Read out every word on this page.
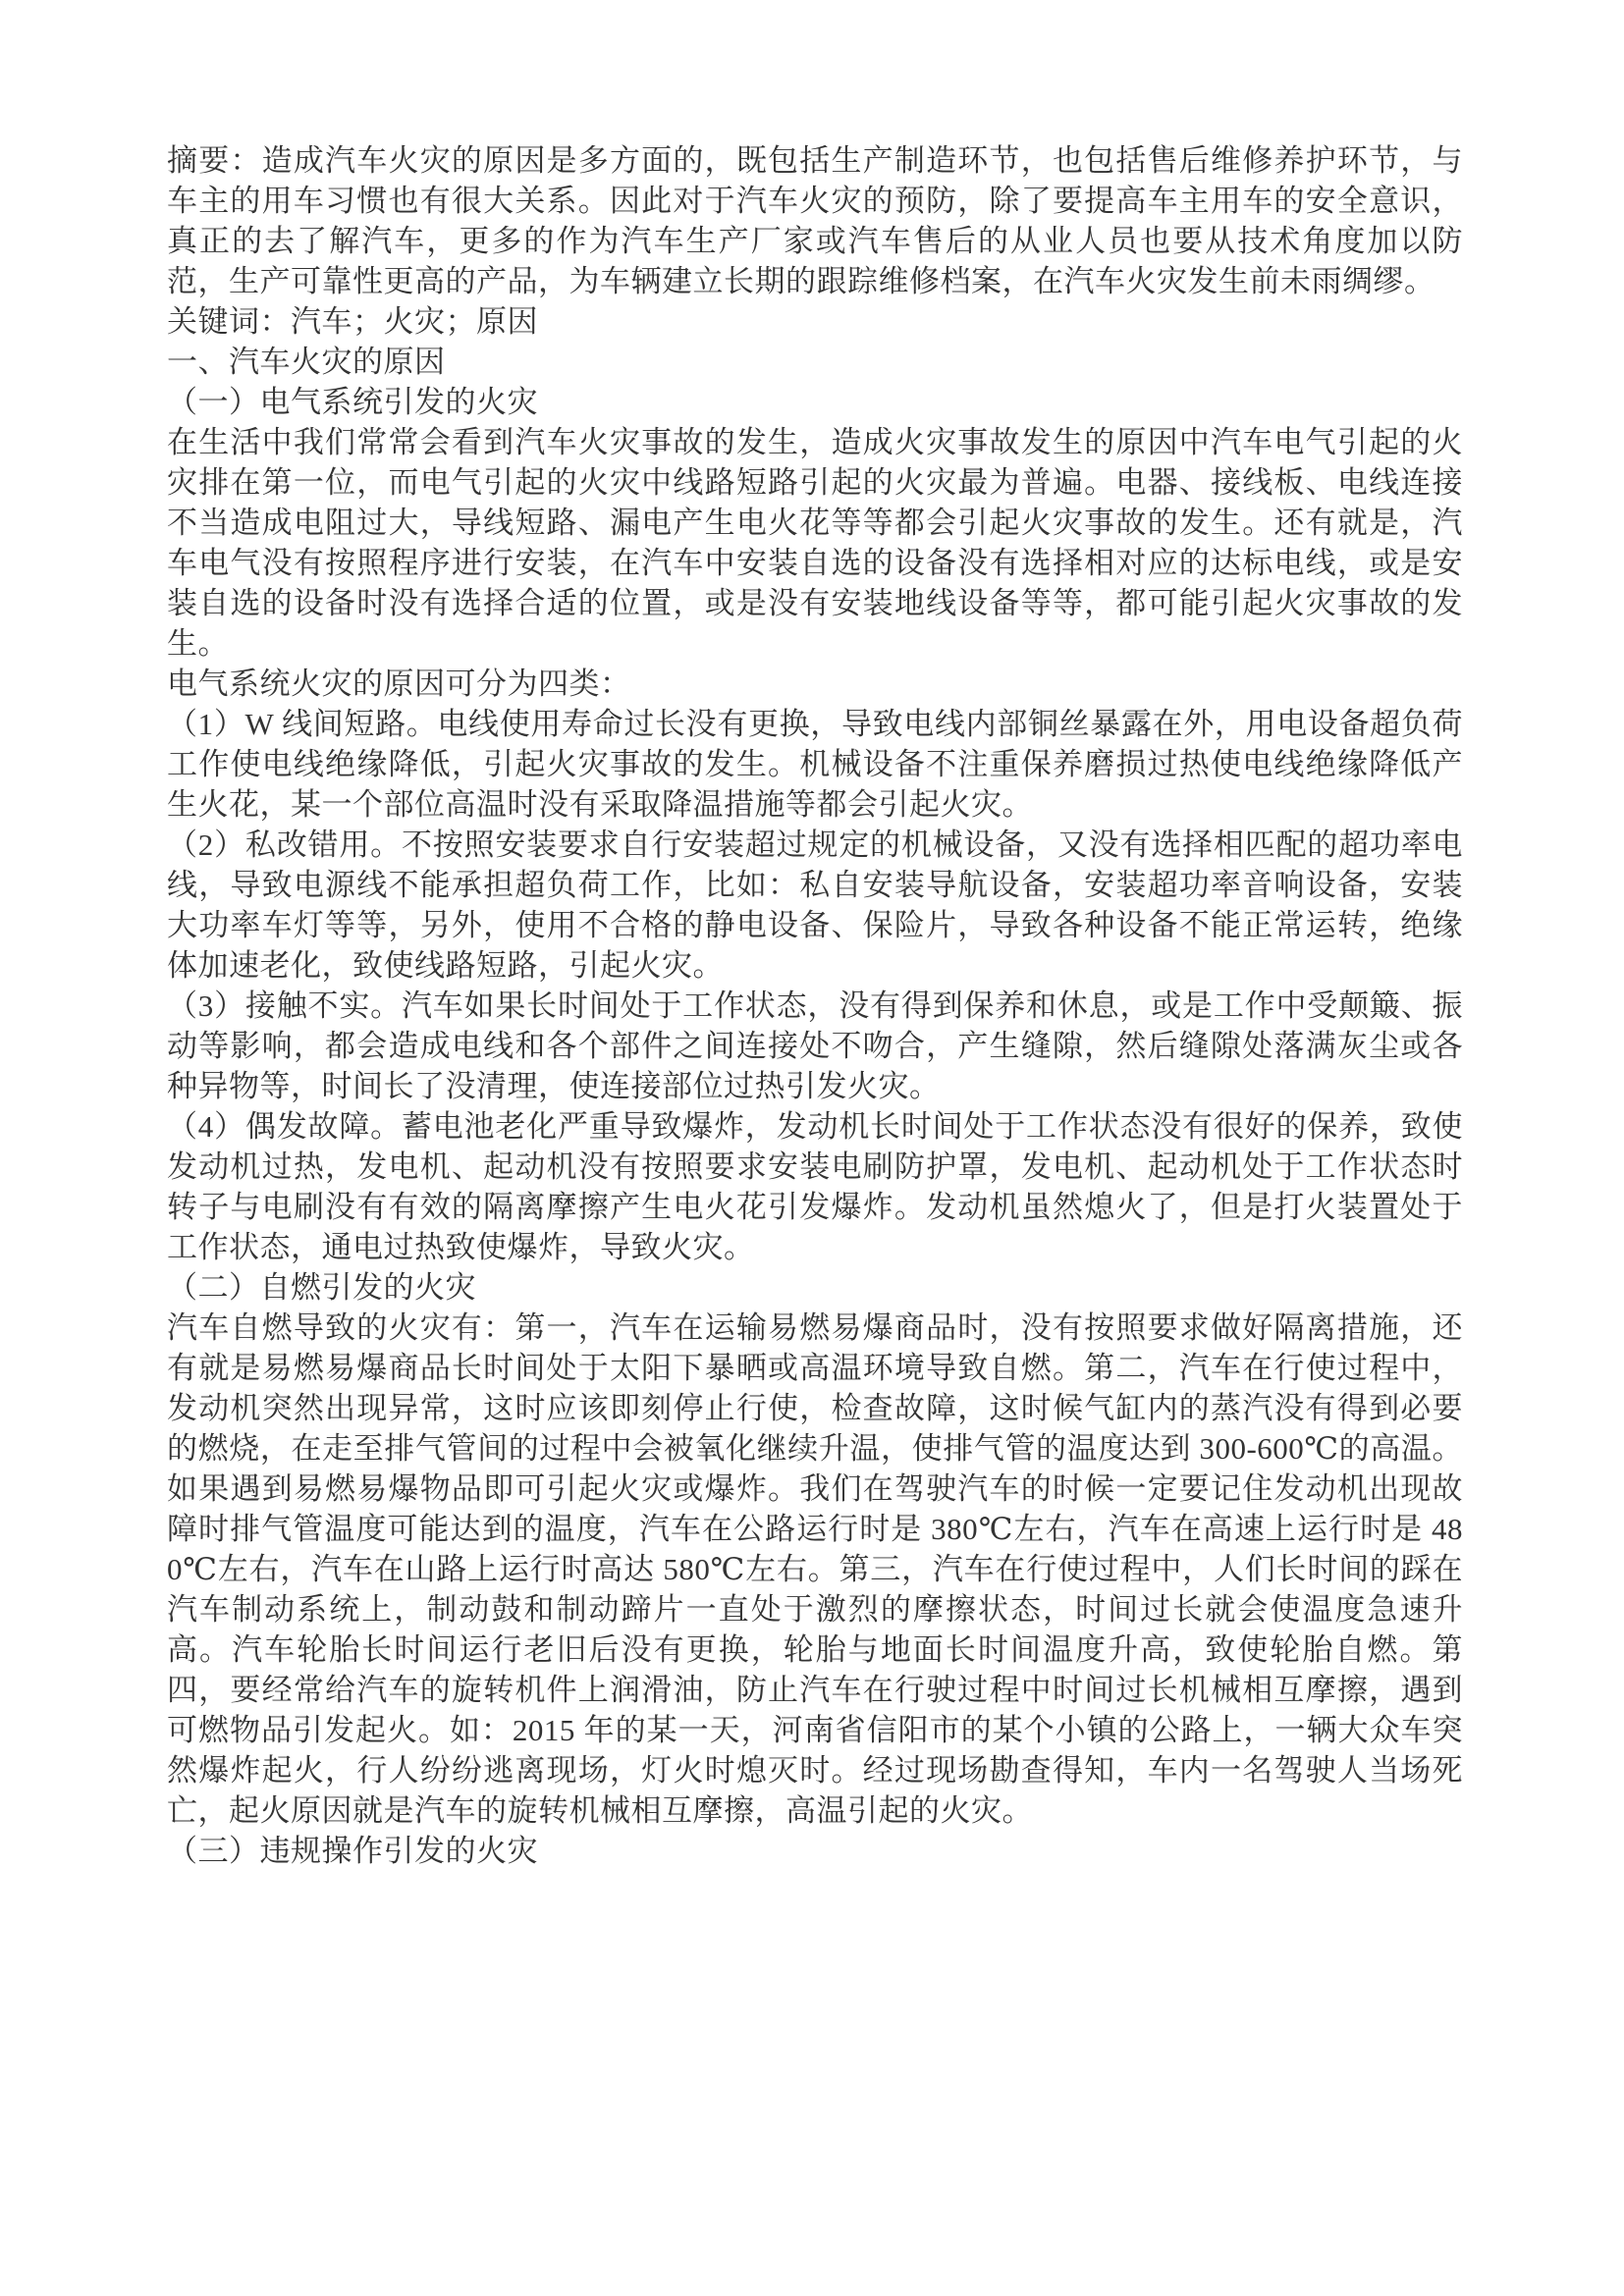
摘要：造成汽车火灾的原因是多方面的，既包括生产制造环节，也包括售后维修养护环节，与车主的用车习惯也有很大关系。因此对于汽车火灾的预防，除了要提高车主用车的安全意识，真正的去了解汽车，更多的作为汽车生产厂家或汽车售后的从业人员也要从技术角度加以防范，生产可靠性更高的产品，为车辆建立长期的跟踪维修档案，在汽车火灾发生前未雨绸缪。

关键词：汽车；火灾；原因

一、汽车火灾的原因

（一）电气系统引发的火灾

在生活中我们常常会看到汽车火灾事故的发生，造成火灾事故发生的原因中汽车电气引起的火灾排在第一位，而电气引起的火灾中线路短路引起的火灾最为普遍。电器、接线板、电线连接不当造成电阻过大，导线短路、漏电产生电火花等等都会引起火灾事故的发生。还有就是，汽车电气没有按照程序进行安装，在汽车中安装自选的设备没有选择相对应的达标电线，或是安装自选的设备时没有选择合适的位置，或是没有安装地线设备等等，都可能引起火灾事故的发生。

电气系统火灾的原因可分为四类：

（1）W 线间短路。电线使用寿命过长没有更换，导致电线内部铜丝暴露在外，用电设备超负荷工作使电线绝缘降低，引起火灾事故的发生。机械设备不注重保养磨损过热使电线绝缘降低产生火花，某一个部位高温时没有采取降温措施等都会引起火灾。

（2）私改错用。不按照安装要求自行安装超过规定的机械设备，又没有选择相匹配的超功率电线，导致电源线不能承担超负荷工作，比如：私自安装导航设备，安装超功率音响设备，安装大功率车灯等等，另外，使用不合格的静电设备、保险片，导致各种设备不能正常运转，绝缘体加速老化，致使线路短路，引起火灾。

（3）接触不实。汽车如果长时间处于工作状态，没有得到保养和休息，或是工作中受颠簸、振动等影响，都会造成电线和各个部件之间连接处不吻合，产生缝隙，然后缝隙处落满灰尘或各种异物等，时间长了没清理，使连接部位过热引发火灾。

（4）偶发故障。蓄电池老化严重导致爆炸，发动机长时间处于工作状态没有很好的保养，致使发动机过热，发电机、起动机没有按照要求安装电刷防护罩，发电机、起动机处于工作状态时转子与电刷没有有效的隔离摩擦产生电火花引发爆炸。发动机虽然熄火了，但是打火装置处于工作状态，通电过热致使爆炸，导致火灾。

（二）自燃引发的火灾

汽车自燃导致的火灾有：第一，汽车在运输易燃易爆商品时，没有按照要求做好隔离措施，还有就是易燃易爆商品长时间处于太阳下暴晒或高温环境导致自燃。第二，汽车在行使过程中，发动机突然出现异常，这时应该即刻停止行使，检查故障，这时候气缸内的蒸汽没有得到必要的燃烧，在走至排气管间的过程中会被氧化继续升温，使排气管的温度达到 300-600℃的高温。如果遇到易燃易爆物品即可引起火灾或爆炸。我们在驾驶汽车的时候一定要记住发动机出现故障时排气管温度可能达到的温度，汽车在公路运行时是 380℃左右，汽车在高速上运行时是 480℃左右，汽车在山路上运行时高达 580℃左右。第三，汽车在行使过程中，人们长时间的踩在汽车制动系统上，制动鼓和制动蹄片一直处于激烈的摩擦状态，时间过长就会使温度急速升高。汽车轮胎长时间运行老旧后没有更换，轮胎与地面长时间温度升高，致使轮胎自燃。第四，要经常给汽车的旋转机件上润滑油，防止汽车在行驶过程中时间过长机械相互摩擦，遇到可燃物品引发起火。如：2015 年的某一天，河南省信阳市的某个小镇的公路上，一辆大众车突然爆炸起火，行人纷纷逃离现场，灯火时熄灭时。经过现场勘查得知，车内一名驾驶人当场死亡，起火原因就是汽车的旋转机械相互摩擦，高温引起的火灾。

（三）违规操作引发的火灾
